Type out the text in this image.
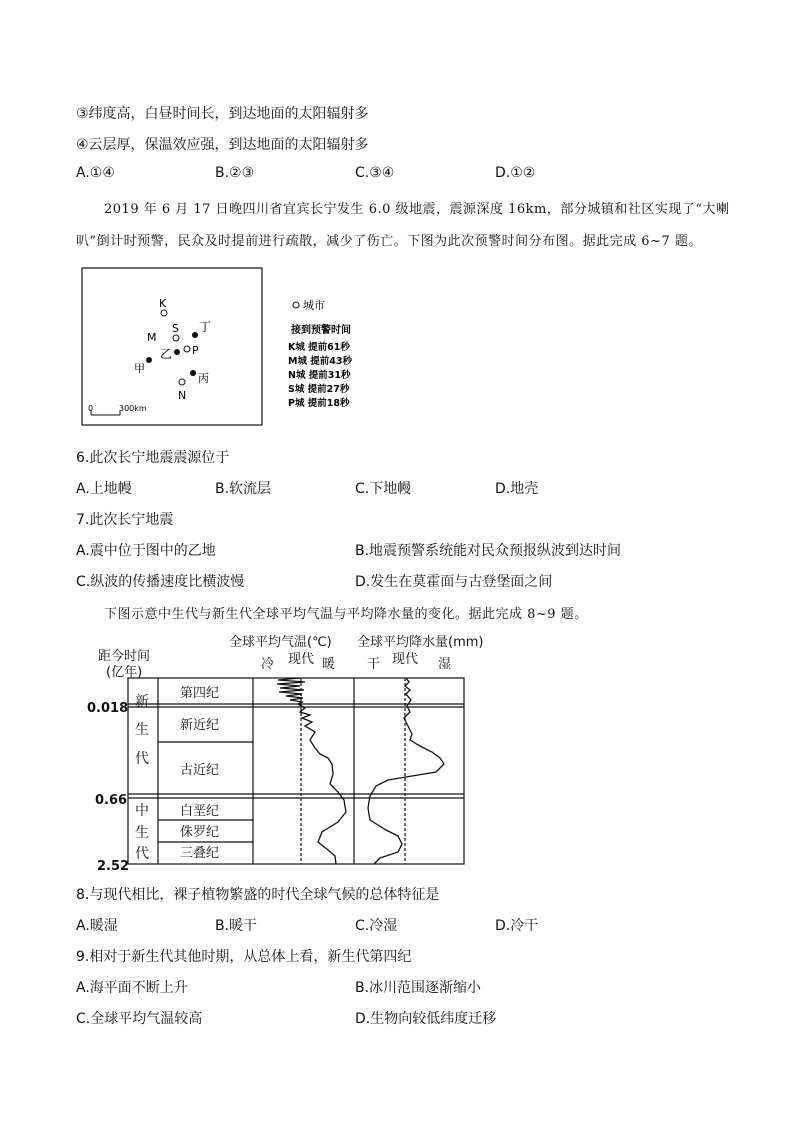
③纬度高，白昼时间长，到达地面的太阳辐射多
④云层厚，保温效应强，到达地面的太阳辐射多
A.①④	B.②③	C.③④	D.①②
2019 年 6 月 17 日晚四川省宜宾长宁发生 6.0 级地震，震源深度 16km，部分城镇和社区实现了“大喇
叭”倒计时预警，民众及时提前进行疏散，减少了伤亡。下图为此次预警时间分布图。据此完成 6~7 题。
K
M
S
P
N
丁
乙
甲
丙
0	300km
城市
接到预警时间
K城 提前61秒
M城 提前43秒
N城 提前31秒
S城 提前27秒
P城 提前18秒
6.此次长宁地震震源位于
A.上地幔	B.软流层	C.下地幔	D.地壳
7.此次长宁地震
A.震中位于图中的乙地	B.地震预警系统能对民众预报纵波到达时间
C.纵波的传播速度比横波慢	D.发生在莫霍面与古登堡面之间
下图示意中生代与新生代全球平均气温与平均降水量的变化。据此完成 8~9 题。
全球平均气温(℃) 全球平均降水量(mm)
距今时间
(亿年)
冷 现代 暖 干 现代 湿
0.018
0.66
2.52
新
生
代
中
生
代
第四纪
新近纪
古近纪
白垩纪
侏罗纪
三叠纪
8.与现代相比，裸子植物繁盛的时代全球气候的总体特征是
A.暖湿	B.暖干	C.冷湿	D.冷干
9.相对于新生代其他时期，从总体上看，新生代第四纪
A.海平面不断上升	B.冰川范围逐渐缩小
C.全球平均气温较高	D.生物向较低纬度迁移
